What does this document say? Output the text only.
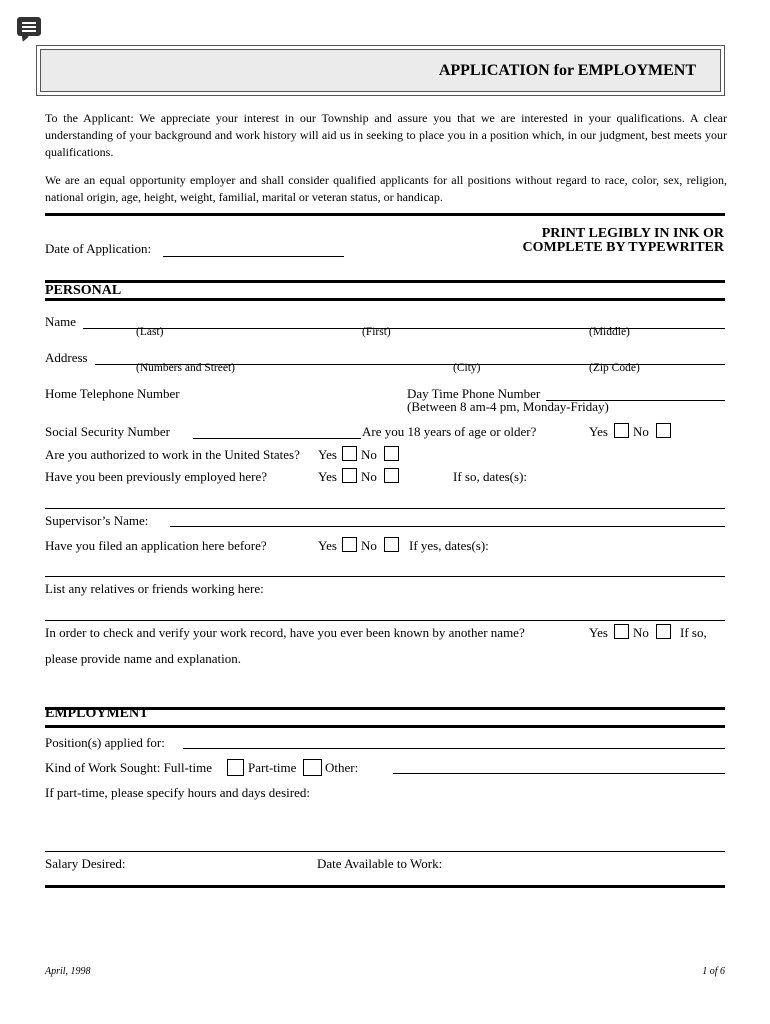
APPLICATION for EMPLOYMENT
To the Applicant: We appreciate your interest in our Township and assure you that we are interested in your qualifications. A clear understanding of your background and work history will aid us in seeking to place you in a position which, in our judgment, best meets your qualifications.
We are an equal opportunity employer and shall consider qualified applicants for all positions without regard to race, color, sex, religion, national origin, age, height, weight, familial, marital or veteran status, or handicap.
Date of Application:
PRINT LEGIBLY IN INK OR
COMPLETE BY TYPEWRITER
PERSONAL
Name
(Last)	(First)	(Middle)
Address
(Numbers and Street)	(City)	(Zip Code)
Home Telephone Number	Day Time Phone Number
(Between 8 am-4 pm, Monday-Friday)
Social Security Number	Are you 18 years of age or older?	Yes No
Are you authorized to work in the United States? Yes No
Have you been previously employed here?	Yes No	If so, dates(s):
Supervisor’s Name:
Have you filed an application here before?	Yes No If yes, dates(s):
List any relatives or friends working here:
In order to check and verify your work record, have you ever been known by another name?	Yes No If so,
please provide name and explanation.
EMPLOYMENT
Position(s) applied for:
Kind of Work Sought: Full-time	Part-time Other:
If part-time, please specify hours and days desired:
Salary Desired:	Date Available to Work:
April, 1998	1 of 6
